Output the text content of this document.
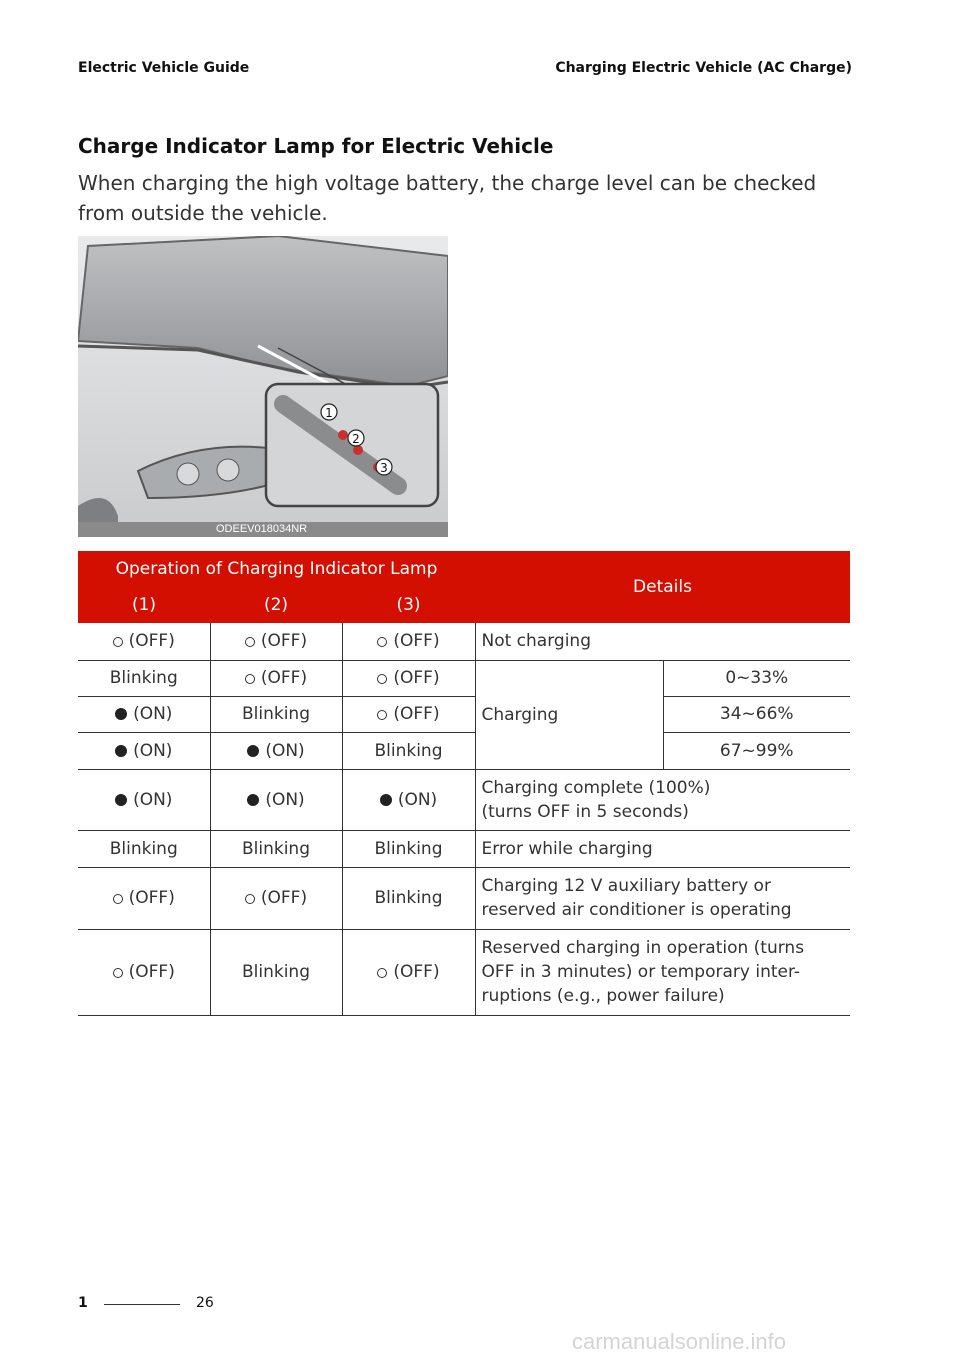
Electric Vehicle Guide	Charging Electric Vehicle (AC Charge)
Charge Indicator Lamp for Electric Vehicle
When charging the high voltage battery, the charge level can be checked from outside the vehicle.
1
2
3
ODEEV018034NR
Operation of Charging Indicator Lamp			Details	
(1)	(2)	(3)		
(OFF)	(OFF)	(OFF)	Not charging	
Blinking	(OFF)	(OFF)	Charging	0~33%
(ON)	Blinking	(OFF)		34~66%
(ON)	(ON)	Blinking		67~99%
(ON)	(ON)	(ON)	Charging complete (100%)
(turns OFF in 5 seconds)	

Blinking	Blinking	Blinking	Error while charging	
(OFF)	(OFF)	Blinking	Charging 12 V auxiliary battery or
reserved air conditioner is operating	

(OFF)	Blinking	(OFF)	Reserved charging in operation (turns
OFF in 3 minutes) or temporary inter-
ruptions (e.g., power failure)	
1	26
carmanualsonline.info
